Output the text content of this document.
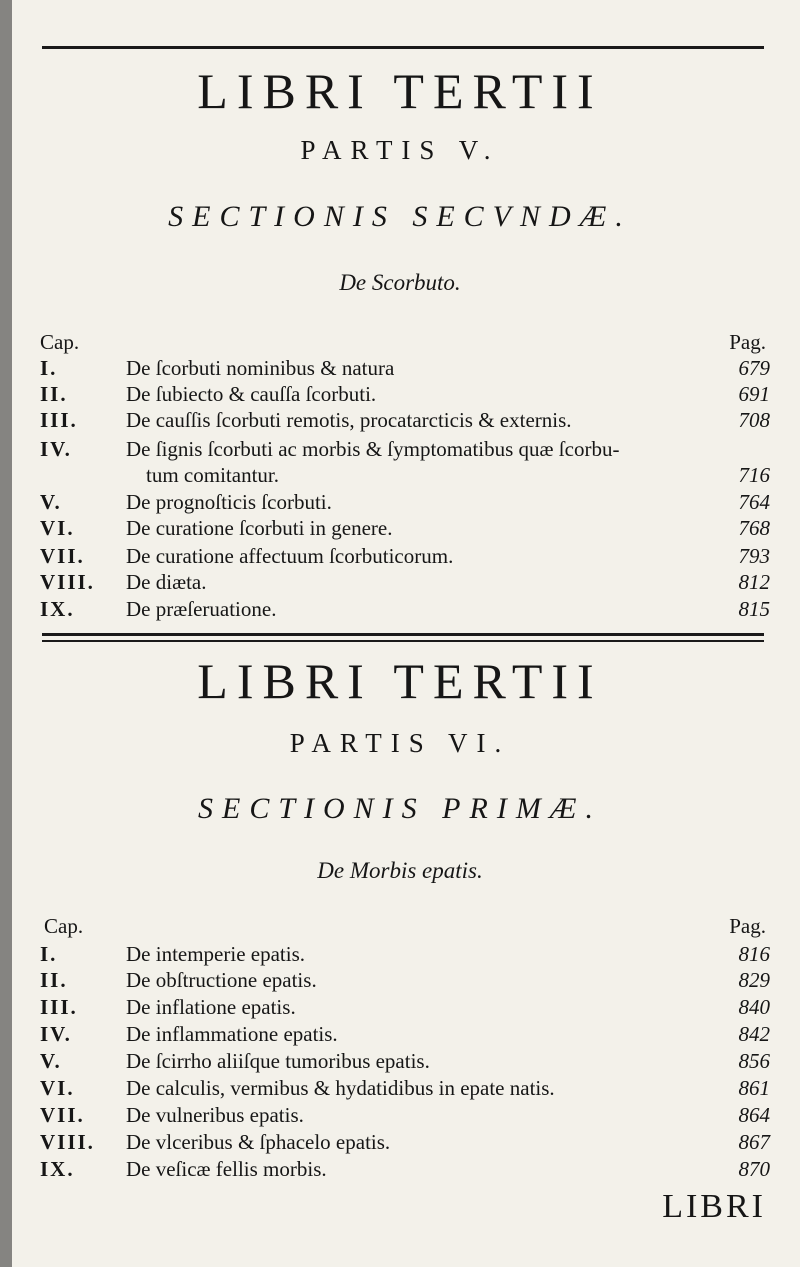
LIBRI TERTII
PARTIS V.
SECTIONIS SECVNDÆ.
De Scorbuto.
Cap.	Pag.
I.	De ſcorbuti nominibus & natura	679
II.	De ſubiecto & cauſſa ſcorbuti.	691
III. De cauſſis ſcorbuti remotis, procatarcticis & externis.	708
IV.	De ſignis ſcorbuti ac morbis & ſymptomatibus quæ ſcorbu-
tum comitantur.	716
V.	De prognoſticis ſcorbuti.	764
VI. De curatione ſcorbuti in genere.	768
VII. De curatione affectuum ſcorbuticorum.	793
VIII. De diæta.	812
IX. De præſeruatione.	815
LIBRI TERTII
PARTIS VI.
SECTIONIS PRIMÆ.
De Morbis epatis.
Cap.	Pag.
I.	De intemperie epatis.	816
II.	De obſtructione epatis.	829
III. De inflatione epatis.	840
IV.	De inflammatione epatis.	842
V.	De ſcirrho aliiſque tumoribus epatis.	856
VI. De calculis, vermibus & hydatidibus in epate natis.	861
VII. De vulneribus epatis.	864
VIII. De vlceribus & ſphacelo epatis.	867
IX. De veſicæ fellis morbis.	870
LIBRI
